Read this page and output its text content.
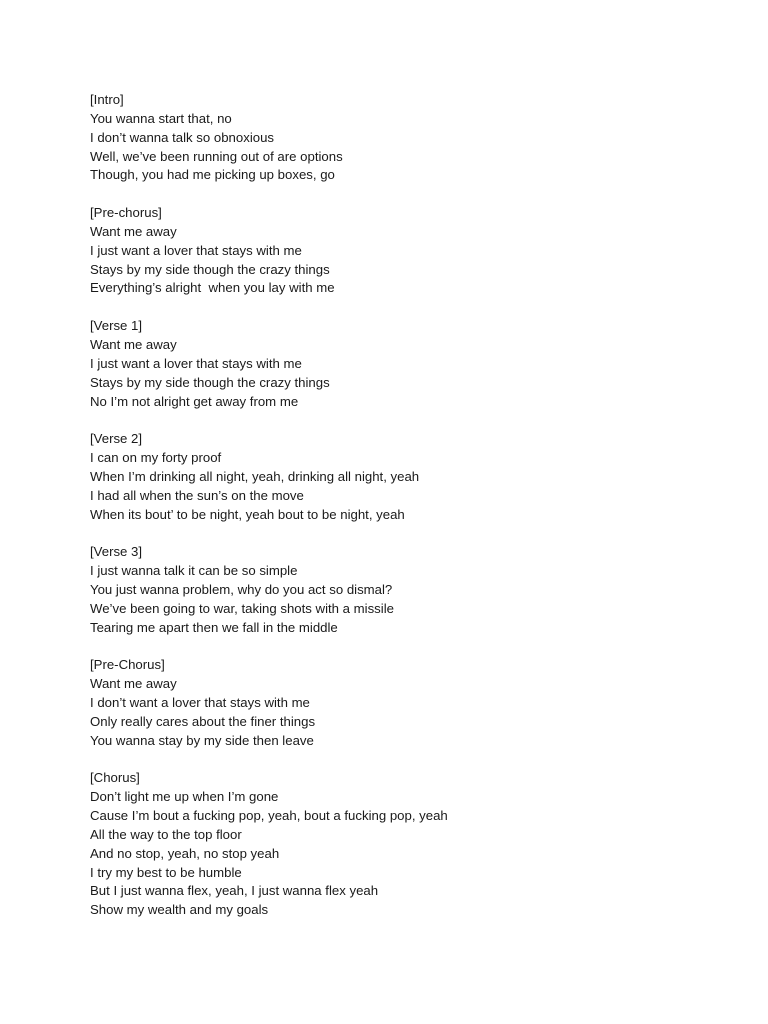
[Intro]
You wanna start that, no
I don’t wanna talk so obnoxious
Well, we’ve been running out of are options
Though, you had me picking up boxes, go
[Pre-chorus]
Want me away
I just want a lover that stays with me
Stays by my side though the crazy things
Everything’s alright  when you lay with me
[Verse 1]
Want me away
I just want a lover that stays with me
Stays by my side though the crazy things
No I’m not alright get away from me
[Verse 2]
I can on my forty proof
When I’m drinking all night, yeah, drinking all night, yeah
I had all when the sun’s on the move
When its bout’ to be night, yeah bout to be night, yeah
[Verse 3]
I just wanna talk it can be so simple
You just wanna problem, why do you act so dismal?
We’ve been going to war, taking shots with a missile
Tearing me apart then we fall in the middle
[Pre-Chorus]
Want me away
I don’t want a lover that stays with me
Only really cares about the finer things
You wanna stay by my side then leave
[Chorus]
Don’t light me up when I’m gone
Cause I’m bout a fucking pop, yeah, bout a fucking pop, yeah
All the way to the top floor
And no stop, yeah, no stop yeah
I try my best to be humble
But I just wanna flex, yeah, I just wanna flex yeah
Show my wealth and my goals
